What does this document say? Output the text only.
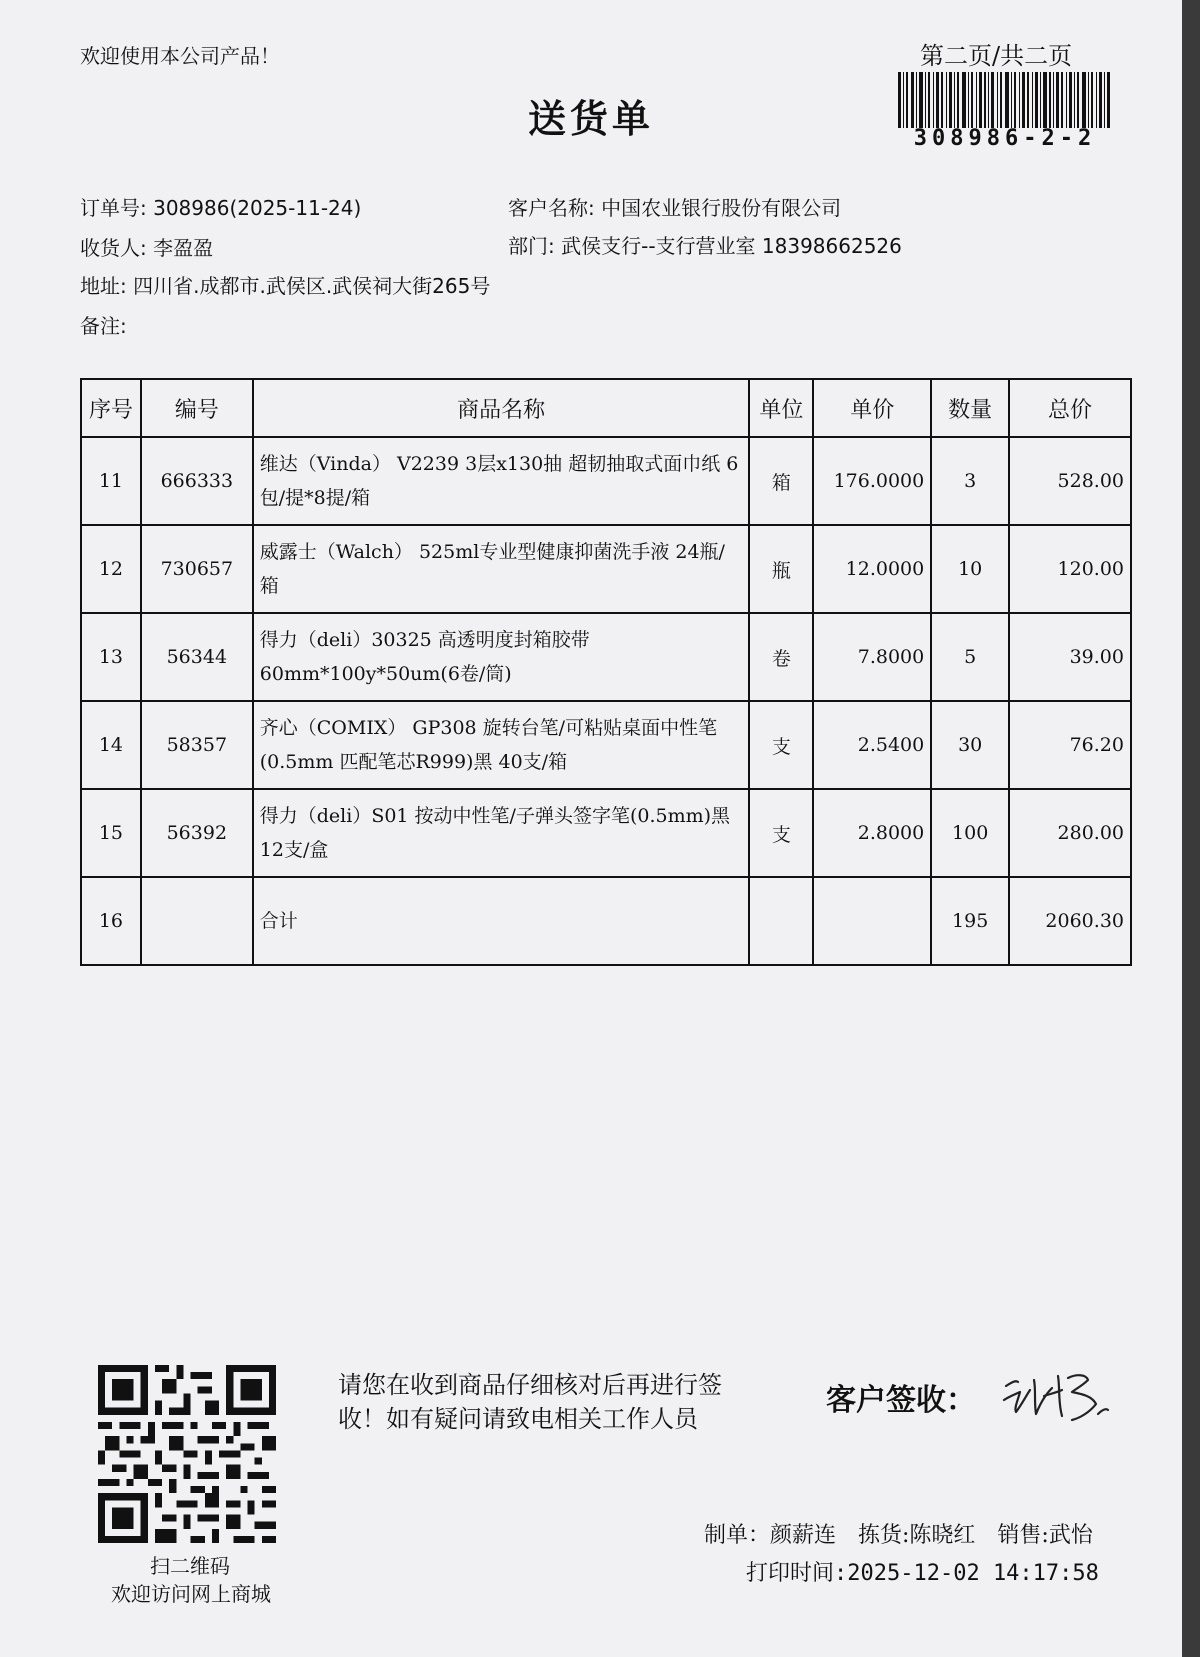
欢迎使用本公司产品！	第二页/共二页
送货单	308986-2-2
订单号: 308986(2025-11-24)	客户名称: 中国农业银行股份有限公司
收货人: 李盈盈	部门: 武侯支行--支行营业室 18398662526
地址: 四川省.成都市.武侯区.武侯祠大街265号
备注:
序号	编号	商品名称	单位	单价	数量	总价
11	666333	维达（Vinda） V2239 3层x130抽 超韧抽取式面巾纸 6包/提*8提/箱	箱	176.0000	3	528.00
12	730657	威露士（Walch） 525ml专业型健康抑菌洗手液 24瓶/箱	瓶	12.0000	10	120.00
13	56344	得力（deli）30325 高透明度封箱胶带60mm*100y*50um(6卷/筒)	卷	7.8000	5	39.00
14	58357	齐心（COMIX） GP308 旋转台笔/可粘贴桌面中性笔(0.5mm 匹配笔芯R999)黑 40支/箱	支	2.5400	30	76.20
15	56392	得力（deli）S01 按动中性笔/子弹头签字笔(0.5mm)黑 12支/盒	支	2.8000	100	280.00
16		合计			195	2060.30
扫二维码
欢迎访问网上商城
请您在收到商品仔细核对后再进行签收！如有疑问请致电相关工作人员
客户签收：
制单：颜薪连　拣货:陈晓红　销售:武怡
打印时间:2025-12-02 14:17:58
